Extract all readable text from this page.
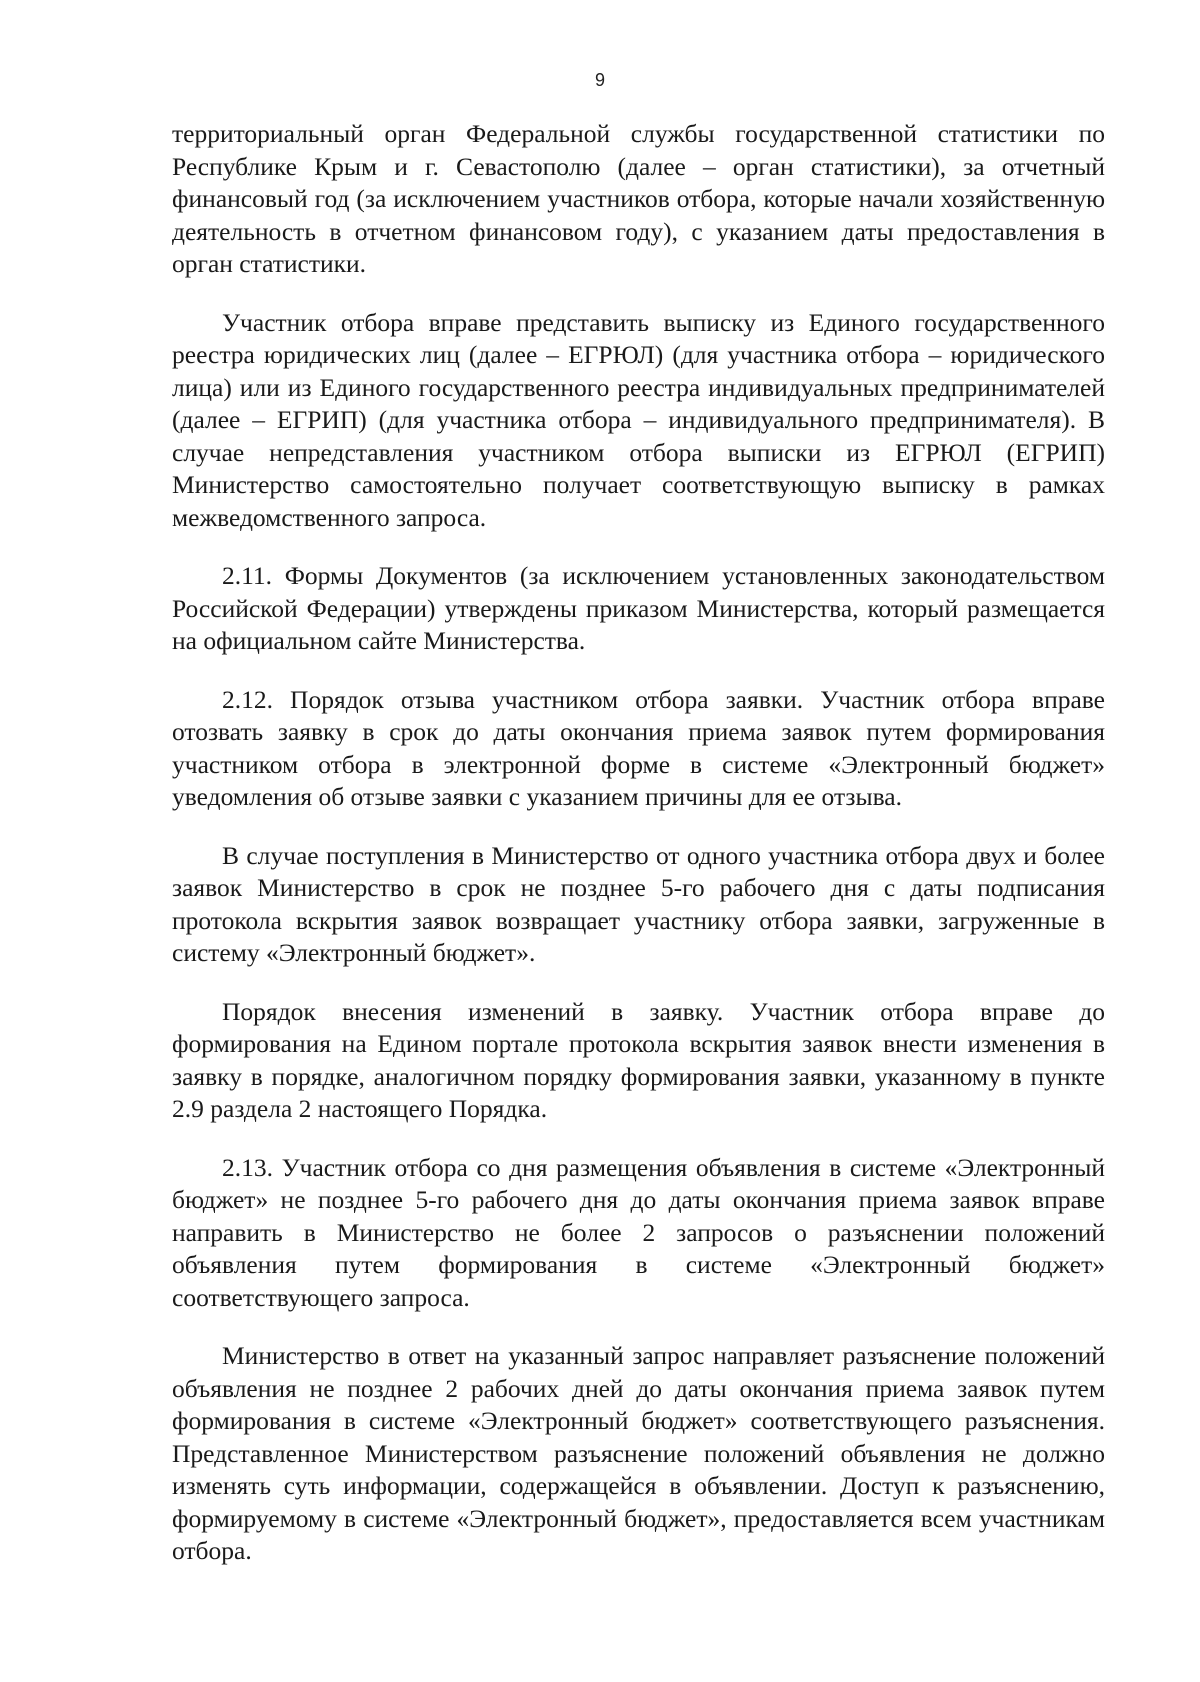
9

территориальный орган Федеральной службы государственной статистики по Республике Крым и г. Севастополю (далее – орган статистики), за отчетный финансовый год (за исключением участников отбора, которые начали хозяйственную деятельность в отчетном финансовом году), с указанием даты предоставления в орган статистики.

Участник отбора вправе представить выписку из Единого государственного реестра юридических лиц (далее – ЕГРЮЛ) (для участника отбора – юридического лица) или из Единого государственного реестра индивидуальных предпринимателей (далее – ЕГРИП) (для участника отбора – индивидуального предпринимателя). В случае непредставления участником отбора выписки из ЕГРЮЛ (ЕГРИП) Министерство самостоятельно получает соответствующую выписку в рамках межведомственного запроса.

2.11. Формы Документов (за исключением установленных законодательством Российской Федерации) утверждены приказом Министерства, который размещается на официальном сайте Министерства.

2.12. Порядок отзыва участником отбора заявки. Участник отбора вправе отозвать заявку в срок до даты окончания приема заявок путем формирования участником отбора в электронной форме в системе «Электронный бюджет» уведомления об отзыве заявки с указанием причины для ее отзыва.

В случае поступления в Министерство от одного участника отбора двух и более заявок Министерство в срок не позднее 5-го рабочего дня с даты подписания протокола вскрытия заявок возвращает участнику отбора заявки, загруженные в систему «Электронный бюджет».

Порядок внесения изменений в заявку. Участник отбора вправе до формирования на Едином портале протокола вскрытия заявок внести изменения в заявку в порядке, аналогичном порядку формирования заявки, указанному в пункте 2.9 раздела 2 настоящего Порядка.

2.13. Участник отбора со дня размещения объявления в системе «Электронный бюджет» не позднее 5-го рабочего дня до даты окончания приема заявок вправе направить в Министерство не более 2 запросов о разъяснении положений объявления путем формирования в системе «Электронный бюджет» соответствующего запроса.

Министерство в ответ на указанный запрос направляет разъяснение положений объявления не позднее 2 рабочих дней до даты окончания приема заявок путем формирования в системе «Электронный бюджет» соответствующего разъяснения. Представленное Министерством разъяснение положений объявления не должно изменять суть информации, содержащейся в объявлении. Доступ к разъяснению, формируемому в системе «Электронный бюджет», предоставляется всем участникам отбора.
